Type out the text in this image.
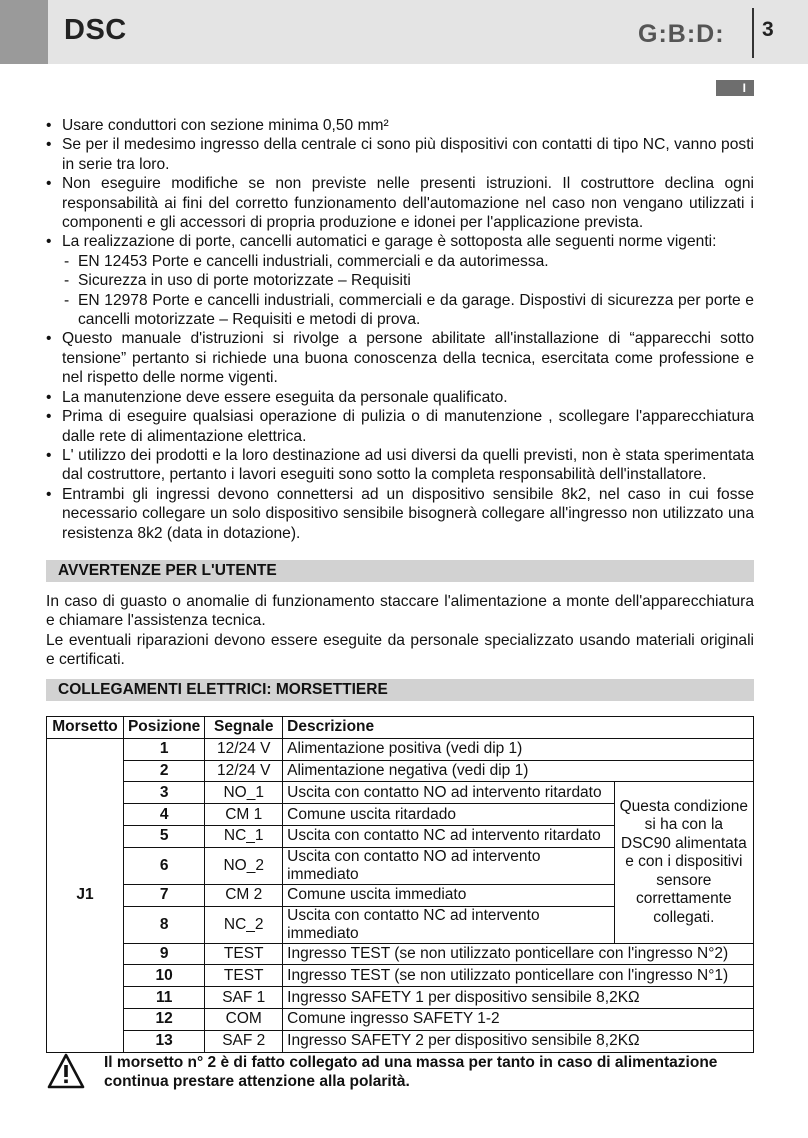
DSC	G:B:D: 3
I
• Usare conduttori con sezione minima 0,50 mm²
• Se per il medesimo ingresso della centrale ci sono più dispositivi con contatti di tipo NC, vanno posti in serie tra loro.
• Non eseguire modifiche se non previste nelle presenti istruzioni. Il costruttore declina ogni responsabilità ai fini del corretto funzionamento dell'automazione nel caso non vengano utilizzati i componenti e gli accessori di propria produzione e idonei per l'applicazione prevista.
• La realizzazione di porte, cancelli automatici e garage è sottoposta alle seguenti norme vigenti:
- EN 12453 Porte e cancelli industriali, commerciali e da autorimessa.
- Sicurezza in uso di porte motorizzate – Requisiti
- EN 12978 Porte e cancelli industriali, commerciali e da garage. Dispostivi di sicurezza per porte e cancelli motorizzate – Requisiti e metodi di prova.
• Questo manuale d'istruzioni si rivolge a persone abilitate all'installazione di “apparecchi sotto tensione” pertanto si richiede una buona conoscenza della tecnica, esercitata come professione e nel rispetto delle norme vigenti.
• La manutenzione deve essere eseguita da personale qualificato.
• Prima di eseguire qualsiasi operazione di pulizia o di manutenzione , scollegare l'apparecchiatura dalle rete di alimentazione elettrica.
• L' utilizzo dei prodotti e la loro destinazione ad usi diversi da quelli previsti, non è stata sperimentata dal costruttore, pertanto i lavori eseguiti sono sotto la completa responsabilità dell'installatore.
• Entrambi gli ingressi devono connettersi ad un dispositivo sensibile 8k2, nel caso in cui fosse necessario collegare un solo dispositivo sensibile bisognerà collegare all'ingresso non utilizzato una resistenza 8k2 (data in dotazione).
AVVERTENZE PER L'UTENTE

In caso di guasto o anomalie di funzionamento staccare l'alimentazione a monte dell'apparecchiatura e chiamare l'assistenza tecnica.

Le eventuali riparazioni devono essere eseguite da personale specializzato usando materiali originali e certificati.

COLLEGAMENTI ELETTRICI: MORSETTIERE
Morsetto	Posizione	Segnale	Descrizione	
J1	1	12/24 V	Alimentazione positiva (vedi dip 1)	
	2	12/24 V	Alimentazione negativa (vedi dip 1)	
	3	NO_1	Uscita con contatto NO ad intervento ritardato	Questa condizione si ha con la DSC90 alimentata e con i dispositivi sensore correttamente collegati.
	4	CM 1	Comune uscita ritardado	
	5	NC_1	Uscita con contatto NC ad intervento ritardato	
	6	NO_2	Uscita con contatto NO ad intervento immediato	
	7	CM 2	Comune uscita immediato	
	8	NC_2	Uscita con contatto NC ad intervento immediato	
	9	TEST	Ingresso TEST (se non utilizzato ponticellare con l'ingresso N°2)	
	10	TEST	Ingresso TEST (se non utilizzato ponticellare con l'ingresso N°1)	
	11	SAF 1	Ingresso SAFETY 1 per dispositivo sensibile 8,2KΩ	
	12	COM	Comune ingresso SAFETY 1-2	
	13	SAF 2	Ingresso SAFETY 2 per dispositivo sensibile 8,2KΩ	
Il morsetto n° 2 è di fatto collegato ad una massa per tanto in caso di alimentazione
continua prestare attenzione alla polarità.
